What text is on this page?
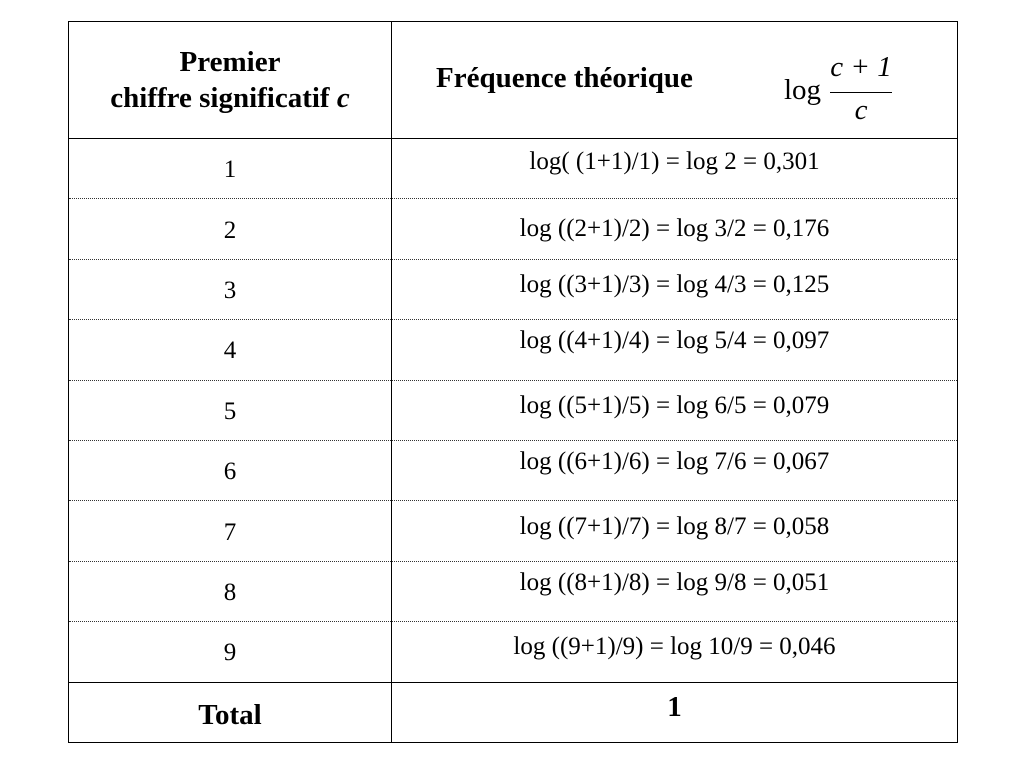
Premier
chiffre significatif c
Fréquence théorique	log
c + 1
c
1	log( (1+1)/1) = log 2 = 0,301
2	log ((2+1)/2) = log 3/2 = 0,176
3	log ((3+1)/3) = log 4/3 = 0,125
4	log ((4+1)/4) = log 5/4 = 0,097
5	log ((5+1)/5) = log 6/5 = 0,079
6	log ((6+1)/6) = log 7/6 = 0,067
7	log ((7+1)/7) = log 8/7 = 0,058
8	log ((8+1)/8) = log 9/8 = 0,051
9	log ((9+1)/9) = log 10/9 = 0,046
Total	1
